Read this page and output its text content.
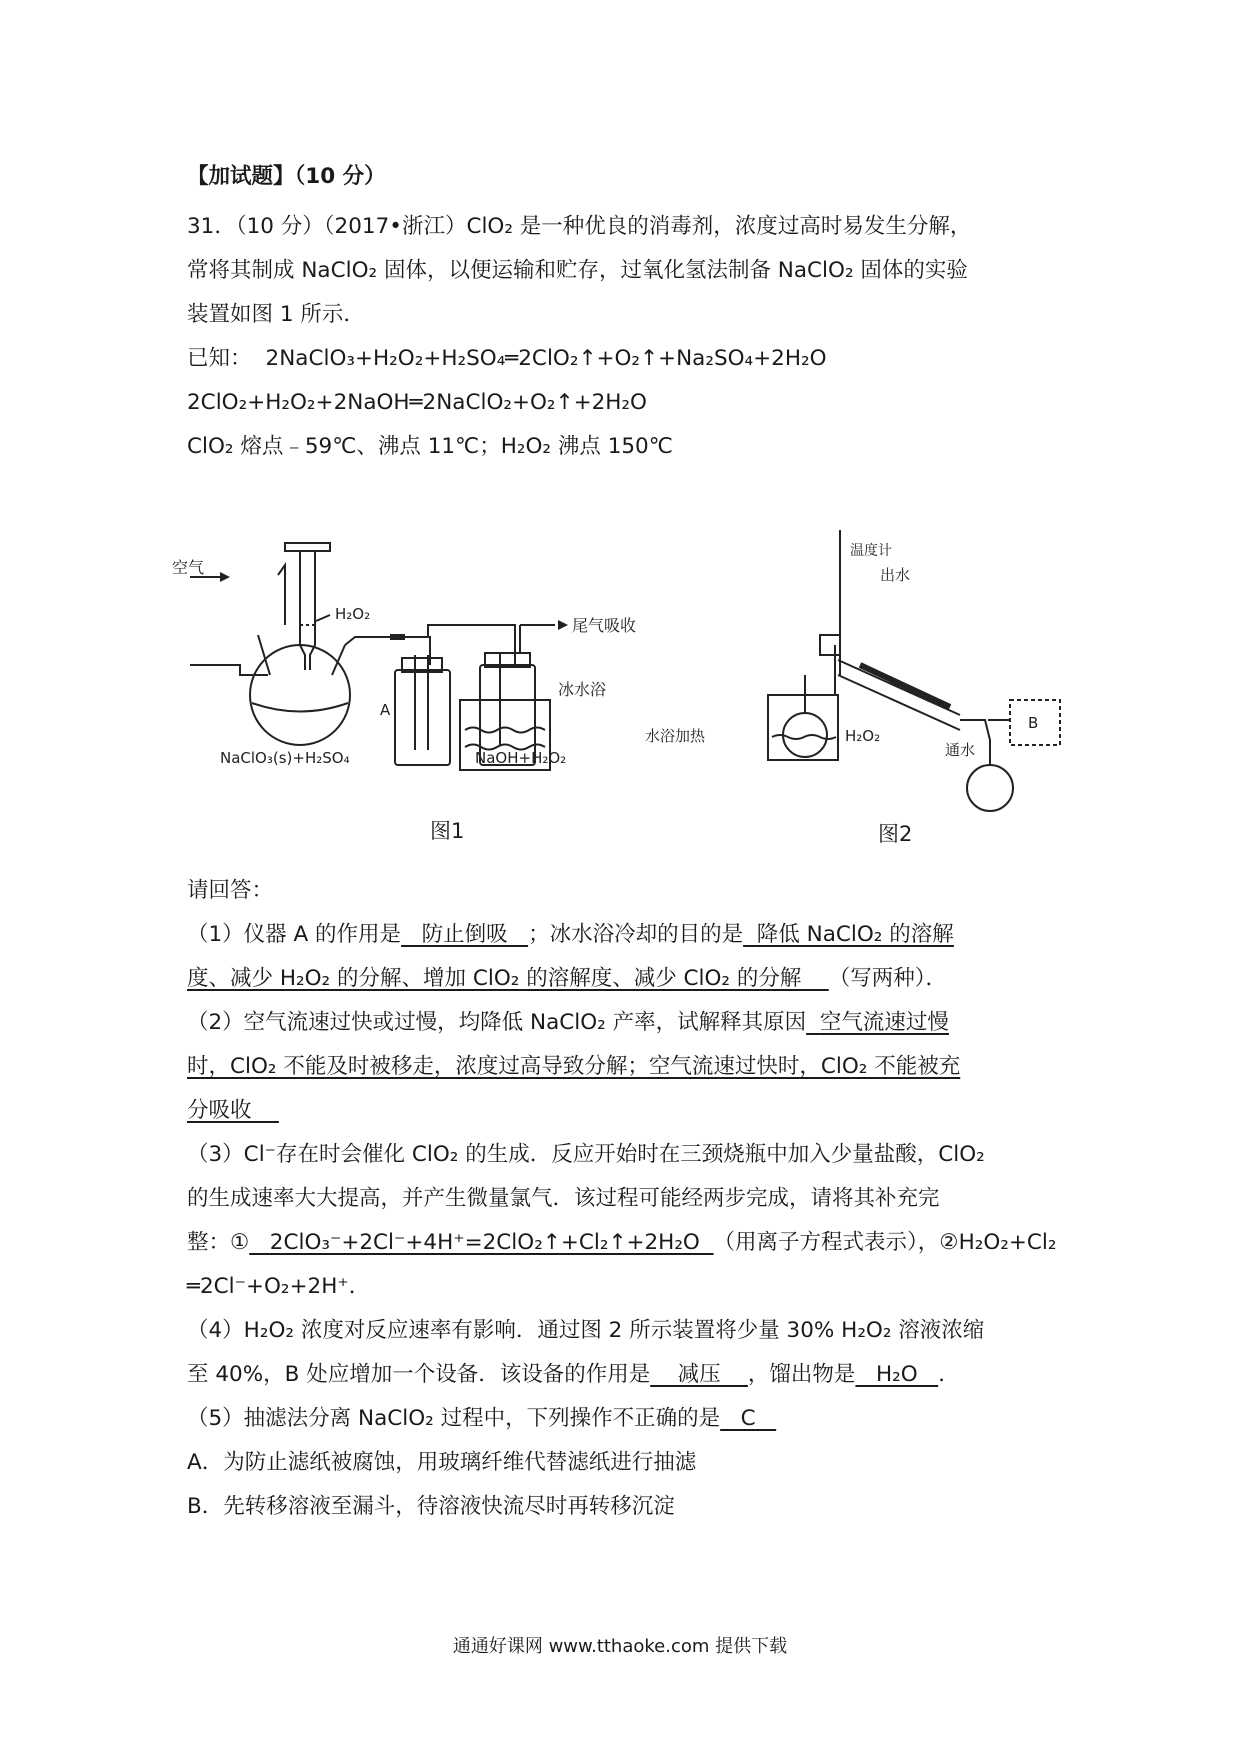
【加试题】（10 分）
31．（10 分）（2017•浙江）ClO₂ 是一种优良的消毒剂，浓度过高时易发生分解，
常将其制成 NaClO₂ 固体，以便运输和贮存，过氧化氢法制备 NaClO₂ 固体的实验
装置如图 1 所示．
已知： 2NaClO₃+H₂O₂+H₂SO₄═2ClO₂↑+O₂↑+Na₂SO₄+2H₂O
2ClO₂+H₂O₂+2NaOH═2NaClO₂+O₂↑+2H₂O
ClO₂ 熔点﹣59℃、沸点 11℃；H₂O₂ 沸点 150℃
空气
H₂O₂
尾气吸收
A
冰水浴
NaClO₃(s)+H₂SO₄	NaOH+H₂O₂
图1
温度计
出水
通水
水浴加热	H₂O₂
B
图2
请回答：
（1）仪器 A 的作用是 防止倒吸 ；冰水浴冷却的目的是 降低 NaClO₂ 的溶解
度、减少 H₂O₂ 的分解、增加 ClO₂ 的溶解度、减少 ClO₂ 的分解 （写两种）．
（2）空气流速过快或过慢，均降低 NaClO₂ 产率，试解释其原因 空气流速过慢
时，ClO₂ 不能及时被移走，浓度过高导致分解；空气流速过快时，ClO₂ 不能被充
分吸收
（3）Cl⁻存在时会催化 ClO₂ 的生成．反应开始时在三颈烧瓶中加入少量盐酸，ClO₂
的生成速率大大提高，并产生微量氯气．该过程可能经两步完成，请将其补充完
整：① 2ClO₃⁻+2Cl⁻+4H⁺=2ClO₂↑+Cl₂↑+2H₂O （用离子方程式表示），②H₂O₂+Cl₂
═2Cl⁻+O₂+2H⁺．
（4）H₂O₂ 浓度对反应速率有影响．通过图 2 所示装置将少量 30% H₂O₂ 溶液浓缩
至 40%，B 处应增加一个设备．该设备的作用是 减压 ，馏出物是 H₂O ．
（5）抽滤法分离 NaClO₂ 过程中，下列操作不正确的是 C
A．为防止滤纸被腐蚀，用玻璃纤维代替滤纸进行抽滤
B．先转移溶液至漏斗，待溶液快流尽时再转移沉淀
通通好课网 www.tthaoke.com 提供下载
